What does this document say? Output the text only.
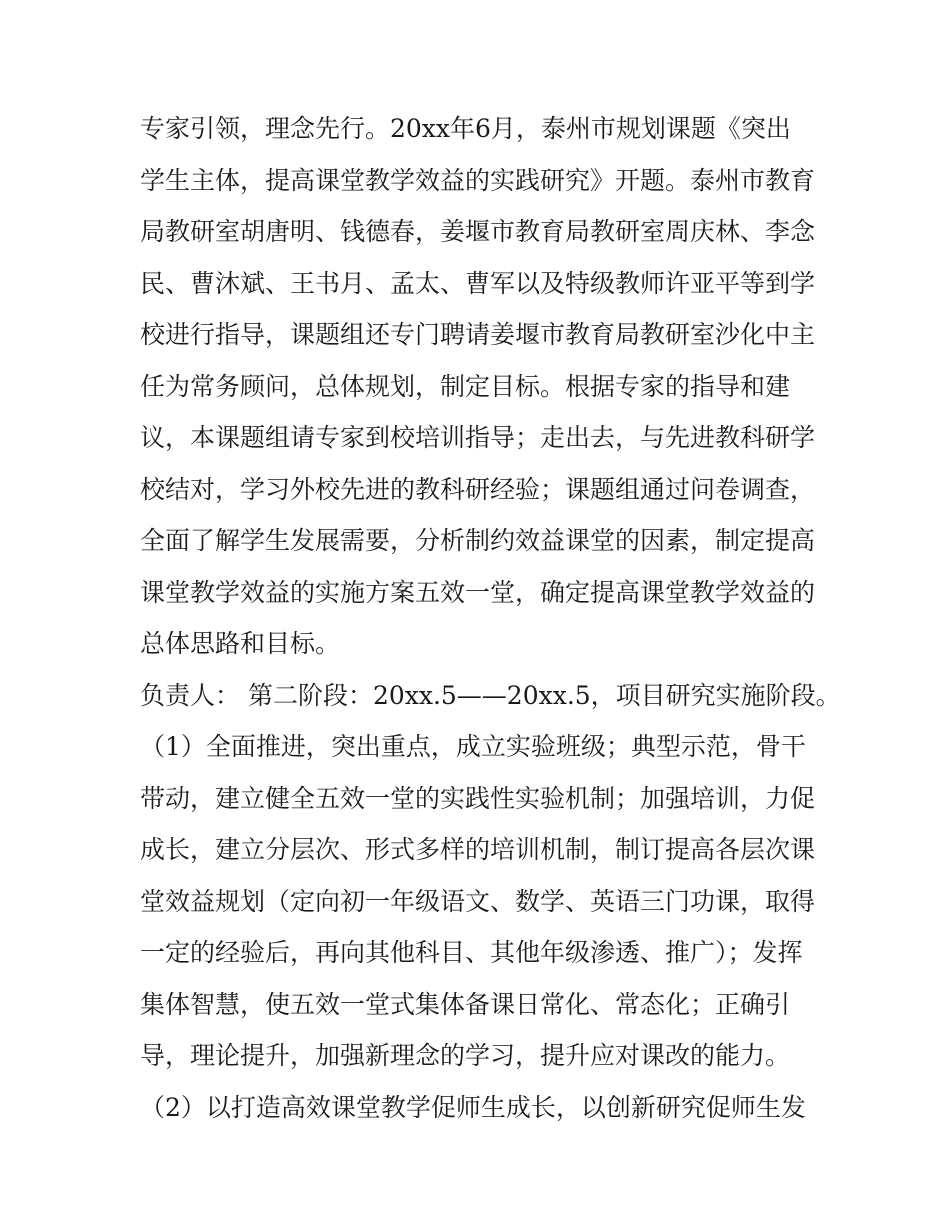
专家引领，理念先行。20xx年6月，泰州市规划课题《突出
学生主体，提高课堂教学效益的实践研究》开题。泰州市教育
局教研室胡唐明、钱德春，姜堰市教育局教研室周庆林、李念
民、曹沐斌、王书月、孟太、曹军以及特级教师许亚平等到学
校进行指导，课题组还专门聘请姜堰市教育局教研室沙化中主
任为常务顾问，总体规划，制定目标。根据专家的指导和建
议，本课题组请专家到校培训指导；走出去，与先进教科研学
校结对，学习外校先进的教科研经验；课题组通过问卷调查，
全面了解学生发展需要，分析制约效益课堂的因素，制定提高
课堂教学效益的实施方案五效一堂，确定提高课堂教学效益的
总体思路和目标。
负责人： 第二阶段：20xx.5——20xx.5，项目研究实施阶段。
（1）全面推进，突出重点，成立实验班级；典型示范，骨干
带动，建立健全五效一堂的实践性实验机制；加强培训，力促
成长，建立分层次、形式多样的培训机制，制订提高各层次课
堂效益规划（定向初一年级语文、数学、英语三门功课，取得
一定的经验后，再向其他科目、其他年级渗透、推广）；发挥
集体智慧，使五效一堂式集体备课日常化、常态化；正确引
导，理论提升，加强新理念的学习，提升应对课改的能力。
（2）以打造高效课堂教学促师生成长，以创新研究促师生发
